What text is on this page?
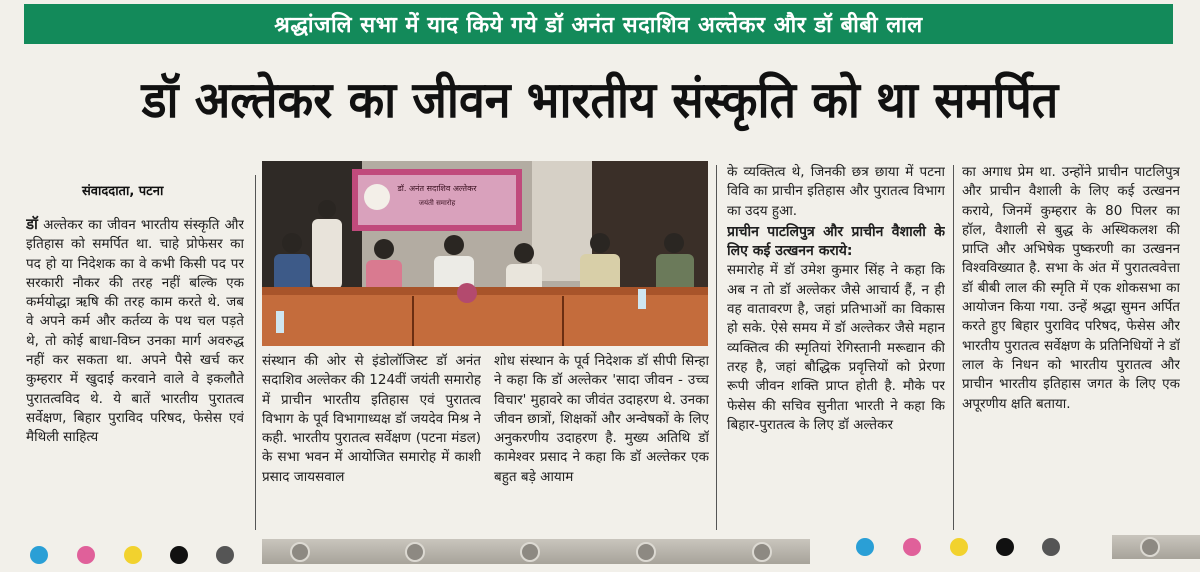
श्रद्धांजलि सभा में याद किये गये डॉ अनंत सदाशिव अल्तेकर और डॉ बीबी लाल
डॉ अल्तेकर का जीवन भारतीय संस्कृति को था समर्पित
संवाददाता, पटना

डॉ अल्तेकर का जीवन भारतीय संस्कृति और इतिहास को समर्पित था. चाहे प्रोफेसर का पद हो या निदेशक का वे कभी किसी पद पर सरकारी नौकर की तरह नहीं बल्कि एक कर्मयोद्धा ऋषि की तरह काम करते थे. जब वे अपने कर्म और कर्तव्य के पथ चल पड़ते थे, तो कोई बाधा-विघ्न उनका मार्ग अवरुद्ध नहीं कर सकता था. अपने पैसे खर्च कर कुम्हरार में खुदाई करवाने वाले वे इकलौते पुरातत्वविद थे. ये बातें भारतीय पुरातत्व सर्वेक्षण, बिहार पुराविद परिषद, फेसेस एवं मैथिली साहित्य

डॉ. अनंत सदाशिव अल्तेकर
जयंती समारोह

संस्थान की ओर से इंडोलॉजिस्ट डॉ अनंत सदाशिव अल्तेकर की 124वीं जयंती समारोह में प्राचीन भारतीय इतिहास एवं पुरातत्व विभाग के पूर्व विभागाध्यक्ष डॉ जयदेव मिश्र ने कही. भारतीय पुरातत्व सर्वेक्षण (पटना मंडल) के सभा भवन में आयोजित समारोह में काशी प्रसाद जायसवाल

शोध संस्थान के पूर्व निदेशक डॉ सीपी सिन्हा ने कहा कि डॉ अल्तेकर 'सादा जीवन - उच्च विचार' मुहावरे का जीवंत उदाहरण थे. उनका जीवन छात्रों, शिक्षकों और अन्वेषकों के लिए अनुकरणीय उदाहरण है. मुख्य अतिथि डॉ कामेश्वर प्रसाद ने कहा कि डॉ अल्तेकर एक बहुत बड़े आयाम

के व्यक्तित्व थे, जिनकी छत्र छाया में पटना विवि का प्राचीन इतिहास और पुरातत्व विभाग का उदय हुआ.

प्राचीन पाटलिपुत्र और प्राचीन वैशाली के लिए कई उत्खनन कराये:

समारोह में डॉ उमेश कुमार सिंह ने कहा कि अब न तो डॉ अल्तेकर जैसे आचार्य हैं, न ही वह वातावरण है, जहां प्रतिभाओं का विकास हो सके. ऐसे समय में डॉ अल्तेकर जैसे महान व्यक्तित्व की स्मृतियां रेगिस्तानी मरूद्यान की तरह है, जहां बौद्धिक प्रवृत्तियों को प्रेरणा रूपी जीवन शक्ति प्राप्त होती है. मौके पर फेसेस की सचिव सुनीता भारती ने कहा कि बिहार-पुरातत्व के लिए डॉ अल्तेकर

का अगाध प्रेम था. उन्होंने प्राचीन पाटलिपुत्र और प्राचीन वैशाली के लिए कई उत्खनन कराये, जिनमें कुम्हरार के 80 पिलर का हॉल, वैशाली से बुद्ध के अस्थिकलश की प्राप्ति और अभिषेक पुष्करणी का उत्खनन विश्वविख्यात है. सभा के अंत में पुरातत्ववेत्ता डॉ बीबी लाल की स्मृति में एक शोकसभा का आयोजन किया गया. उन्हें श्रद्धा सुमन अर्पित करते हुए बिहार पुराविद परिषद, फेसेस और भारतीय पुरातत्व सर्वेक्षण के प्रतिनिधियों ने डॉ लाल के निधन को भारतीय पुरातत्व और प्राचीन भारतीय इतिहास जगत के लिए एक अपूरणीय क्षति बताया.
